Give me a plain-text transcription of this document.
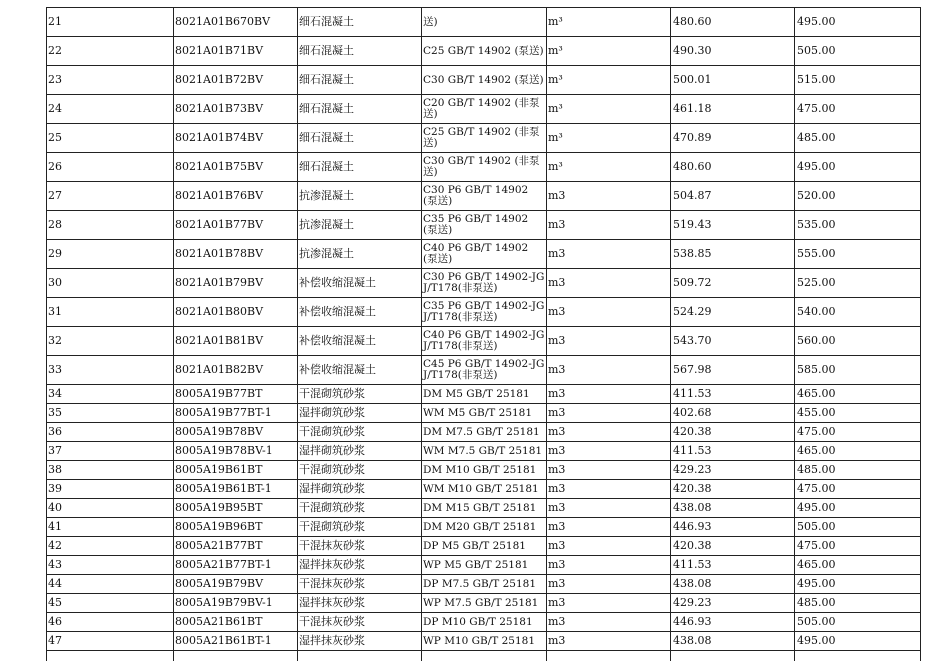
21	8021A01B670BV	细石混凝土	送)	m³	480.60	495.00
22	8021A01B71BV	细石混凝土	C25 GB/T 14902 (泵送)	m³	490.30	505.00
23	8021A01B72BV	细石混凝土	C30 GB/T 14902 (泵送)	m³	500.01	515.00
24	8021A01B73BV	细石混凝土	C20 GB/T 14902 (非泵送)	m³	461.18	475.00
25	8021A01B74BV	细石混凝土	C25 GB/T 14902 (非泵送)	m³	470.89	485.00
26	8021A01B75BV	细石混凝土	C30 GB/T 14902 (非泵送)	m³	480.60	495.00
27	8021A01B76BV	抗渗混凝土	C30 P6 GB/T 14902 (泵送)	m3	504.87	520.00
28	8021A01B77BV	抗渗混凝土	C35 P6 GB/T 14902 (泵送)	m3	519.43	535.00
29	8021A01B78BV	抗渗混凝土	C40 P6 GB/T 14902 (泵送)	m3	538.85	555.00
30	8021A01B79BV	补偿收缩混凝土	C30 P6 GB/T 14902-JGJ/T178(非泵送)	m3	509.72	525.00
31	8021A01B80BV	补偿收缩混凝土	C35 P6 GB/T 14902-JGJ/T178(非泵送)	m3	524.29	540.00
32	8021A01B81BV	补偿收缩混凝土	C40 P6 GB/T 14902-JGJ/T178(非泵送)	m3	543.70	560.00
33	8021A01B82BV	补偿收缩混凝土	C45 P6 GB/T 14902-JGJ/T178(非泵送)	m3	567.98	585.00
34	8005A19B77BT	干混砌筑砂浆	DM M5 GB/T 25181	m3	411.53	465.00
35	8005A19B77BT-1	湿拌砌筑砂浆	WM M5 GB/T 25181	m3	402.68	455.00
36	8005A19B78BV	干混砌筑砂浆	DM M7.5 GB/T 25181	m3	420.38	475.00
37	8005A19B78BV-1	湿拌砌筑砂浆	WM M7.5 GB/T 25181	m3	411.53	465.00
38	8005A19B61BT	干混砌筑砂浆	DM M10 GB/T 25181	m3	429.23	485.00
39	8005A19B61BT-1	湿拌砌筑砂浆	WM M10 GB/T 25181	m3	420.38	475.00
40	8005A19B95BT	干混砌筑砂浆	DM M15 GB/T 25181	m3	438.08	495.00
41	8005A19B96BT	干混砌筑砂浆	DM M20 GB/T 25181	m3	446.93	505.00
42	8005A21B77BT	干混抹灰砂浆	DP M5 GB/T 25181	m3	420.38	475.00
43	8005A21B77BT-1	湿拌抹灰砂浆	WP M5 GB/T 25181	m3	411.53	465.00
44	8005A19B79BV	干混抹灰砂浆	DP M7.5 GB/T 25181	m3	438.08	495.00
45	8005A19B79BV-1	湿拌抹灰砂浆	WP M7.5 GB/T 25181	m3	429.23	485.00
46	8005A21B61BT	干混抹灰砂浆	DP M10 GB/T 25181	m3	446.93	505.00
47	8005A21B61BT-1	湿拌抹灰砂浆	WP M10 GB/T 25181	m3	438.08	495.00
